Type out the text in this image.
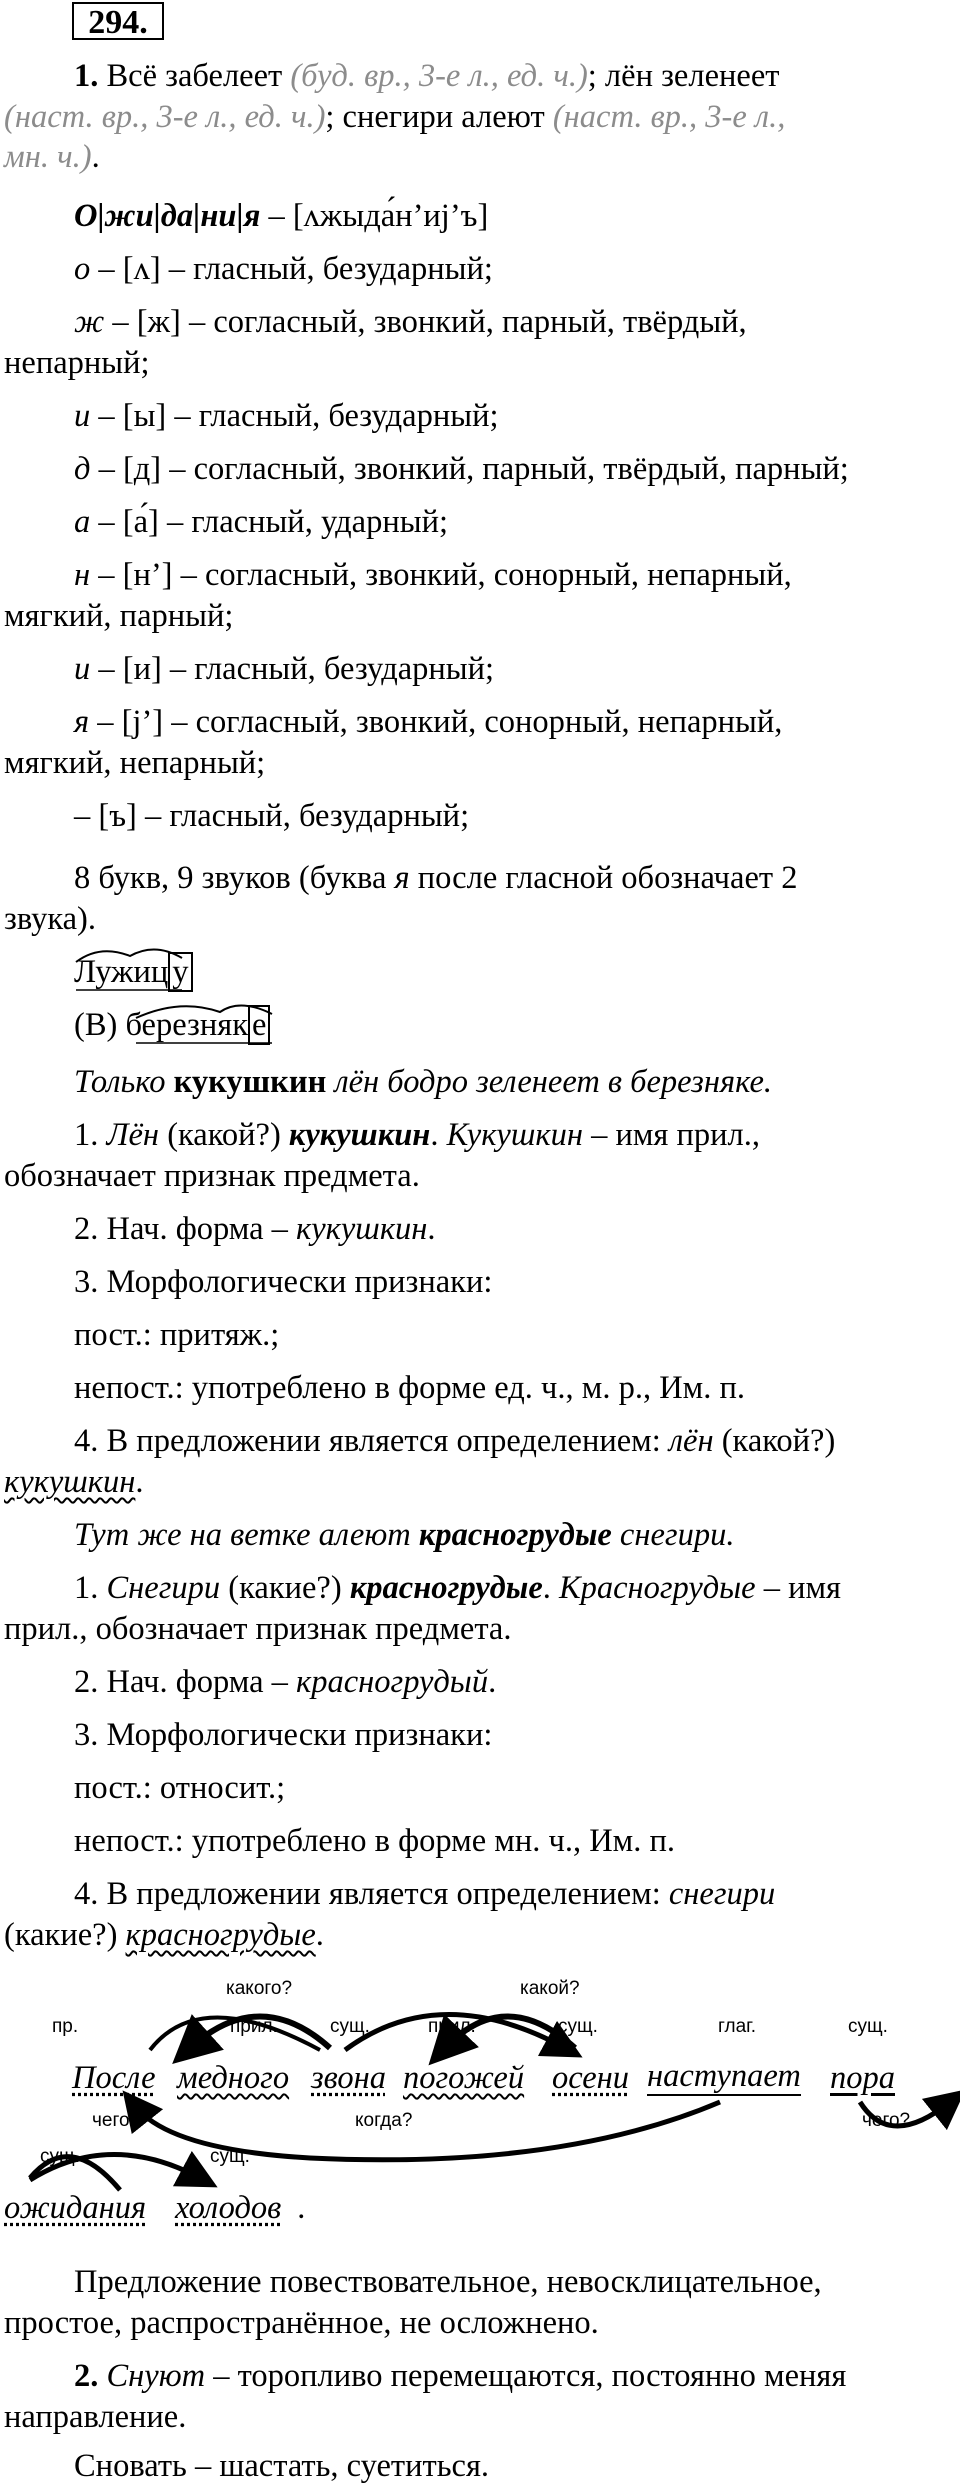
294.
1. Всё забелеет (буд. вр., 3-е л., ед. ч.); лён зеленеет
(наст. вр., 3-е л., ед. ч.); снегири алеют (наст. вр., 3-е л.,
мн. ч.).
О|жи|да|ни|я – [ʌжыда́н’иj’ъ]
о – [ʌ] – гласный, безударный;
ж – [ж] – согласный, звонкий, парный, твёрдый,
непарный;
и – [ы] – гласный, безударный;
д – [д] – согласный, звонкий, парный, твёрдый, парный;
а – [а́] – гласный, ударный;
н – [н’] – согласный, звонкий, сонорный, непарный,
мягкий, парный;
и – [и] – гласный, безударный;
я – [j’] – согласный, звонкий, сонорный, непарный,
мягкий, непарный;
– [ъ] – гласный, безударный;
8 букв, 9 звуков (буква я после гласной обозначает 2
звука).
Лужиц у
(В) березняк е
Только кукушкин лён бодро зеленеет в березняке.
1. Лён (какой?) кукушкин. Кукушкин – имя прил.,
обозначает признак предмета.
2. Нач. форма – кукушкин.
3. Морфологически признаки:
пост.: притяж.;
непост.: употреблено в форме ед. ч., м. р., Им. п.
4. В предложении является определением: лён (какой?)
кукушкин.
Тут же на ветке алеют красногрудые снегири.
1. Снегири (какие?) красногрудые. Красногрудые – имя
прил., обозначает признак предмета.
2. Нач. форма – красногрудый.
3. Морфологически признаки:
пост.: относит.;
непост.: употреблено в форме мн. ч., Им. п.
4. В предложении является определением: снегири
(какие?) красногрудые.
пр.	прил.	сущ.	прил.	сущ.	глаг.	сущ.
сущ.	сущ.
какого?	какой?
чего?	когда?	чего?
После медного звона погожей осени наступает пора
ожидания холодов .
Предложение повествовательное, невосклицательное,
простое, распространённое, не осложнено.
2. Снуют – торопливо перемещаются, постоянно меняя
направление.
Сновать – шастать, суетиться.
